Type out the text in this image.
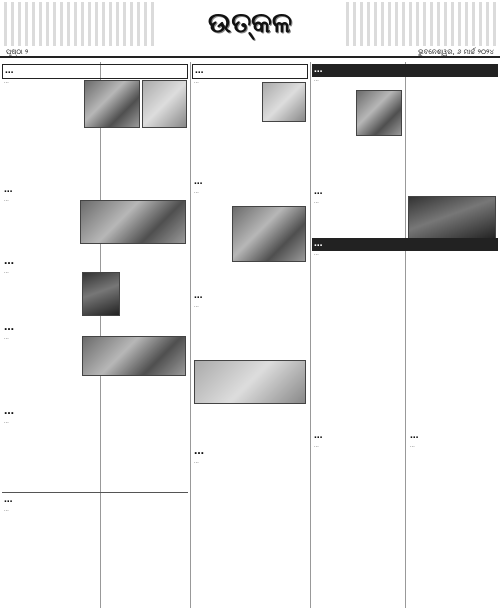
ଉତ୍କଳ
ପୃଷ୍ଠା ୨	ଭୁବନେଶ୍ୱର, ୬ ମାର୍ଚ୍ଚ ୨୦୨୪
…
…
…
…
…
…
…
…
…
…
…
…
…
…
…
…
…
…
…
…
…
…
…
…
…
…
…
…
…
…
